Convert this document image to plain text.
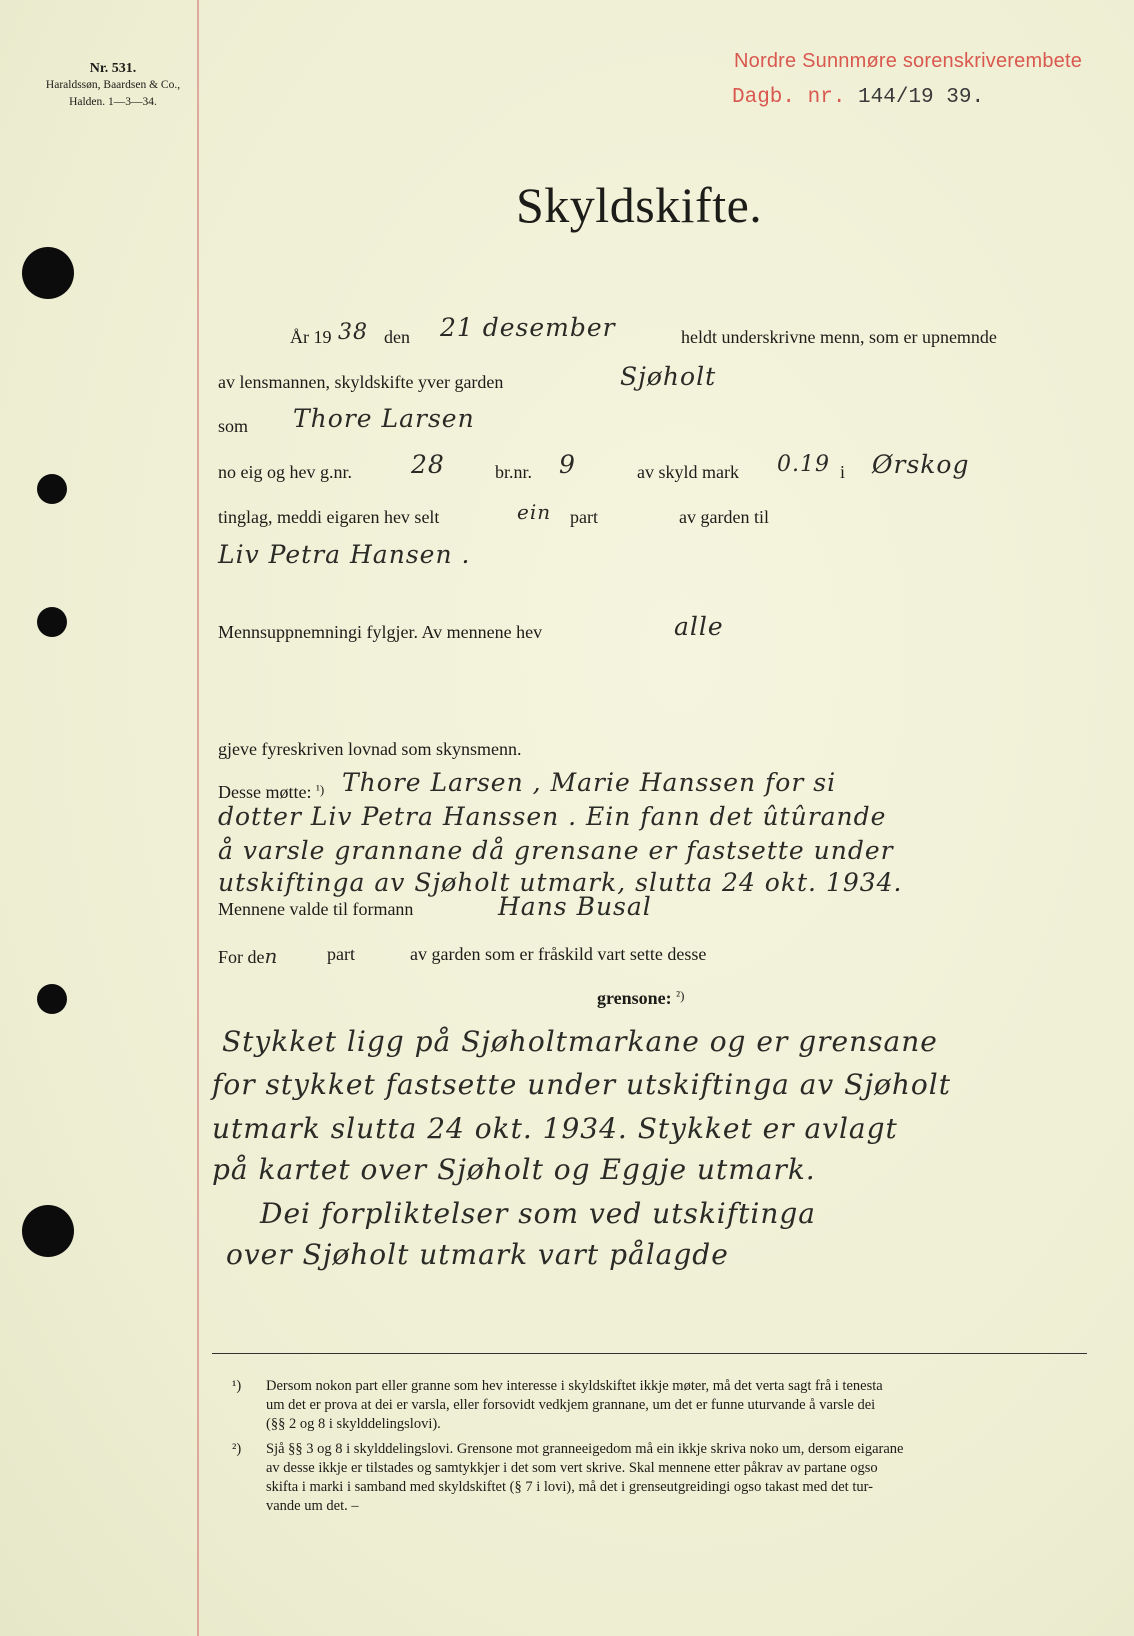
Nr. 531.
Haraldssøn, Baardsen & Co.,
Halden. 1—3—34.
Nordre Sunnmøre sorenskriverembete
Dagb. nr. 144/19 39.
Skyldskifte.
År 19 38 den 21 desember	heldt underskrivne menn, som er upnemnde
av lensmannen, skyldskifte yver garden	Sjøholt
som Thore Larsen
no eig og hev g.nr. 28	br.nr. 9	av skyld mark 0.19 i Ørskog
tinglag, meddi eigaren hev selt	ein part	av garden til
Liv Petra Hansen .
Mennsuppnemningi fylgjer. Av mennene hev	alle
gjeve fyreskriven lovnad som skynsmenn.
Desse møtte: $^{^1)}$ Thore Larsen , Marie Hanssen for si
dotter Liv Petra Hanssen . Ein fann det ûtûrande
å varsle grannane då grensane er fastsette under
utskiftinga av Sjøholt utmark, slutta 24 okt. 1934.
Mennene valde til formann	Hans Busal
For den	part	av garden som er fråskild vart sette desse
grensone: $^{^2)}$
Stykket ligg på Sjøholtmarkane og er grensane
for stykket fastsette under utskiftinga av Sjøholt
utmark slutta 24 okt. 1934. Stykket er avlagt
på kartet over Sjøholt og Eggje utmark.
Dei forpliktelser som ved utskiftinga
over Sjøholt utmark vart pålagde
¹) Dersom nokon part eller granne som hev interesse i skyldskiftet ikkje møter, må det verta sagt frå i tenesta
um det er prova at dei er varsla, eller forsovidt vedkjem grannane, um det er funne uturvande å varsle dei
(§§ 2 og 8 i skylddelingslovi).
²) Sjå §§ 3 og 8 i skylddelingslovi. Grensone mot granneeigedom må ein ikkje skriva noko um, dersom eigarane
av desse ikkje er tilstades og samtykkjer i det som vert skrive. Skal mennene etter påkrav av partane ogso
skifta i marki i samband med skyldskiftet (§ 7 i lovi), må det i grenseutgreidingi ogso takast med det tur-
vande um det. –
